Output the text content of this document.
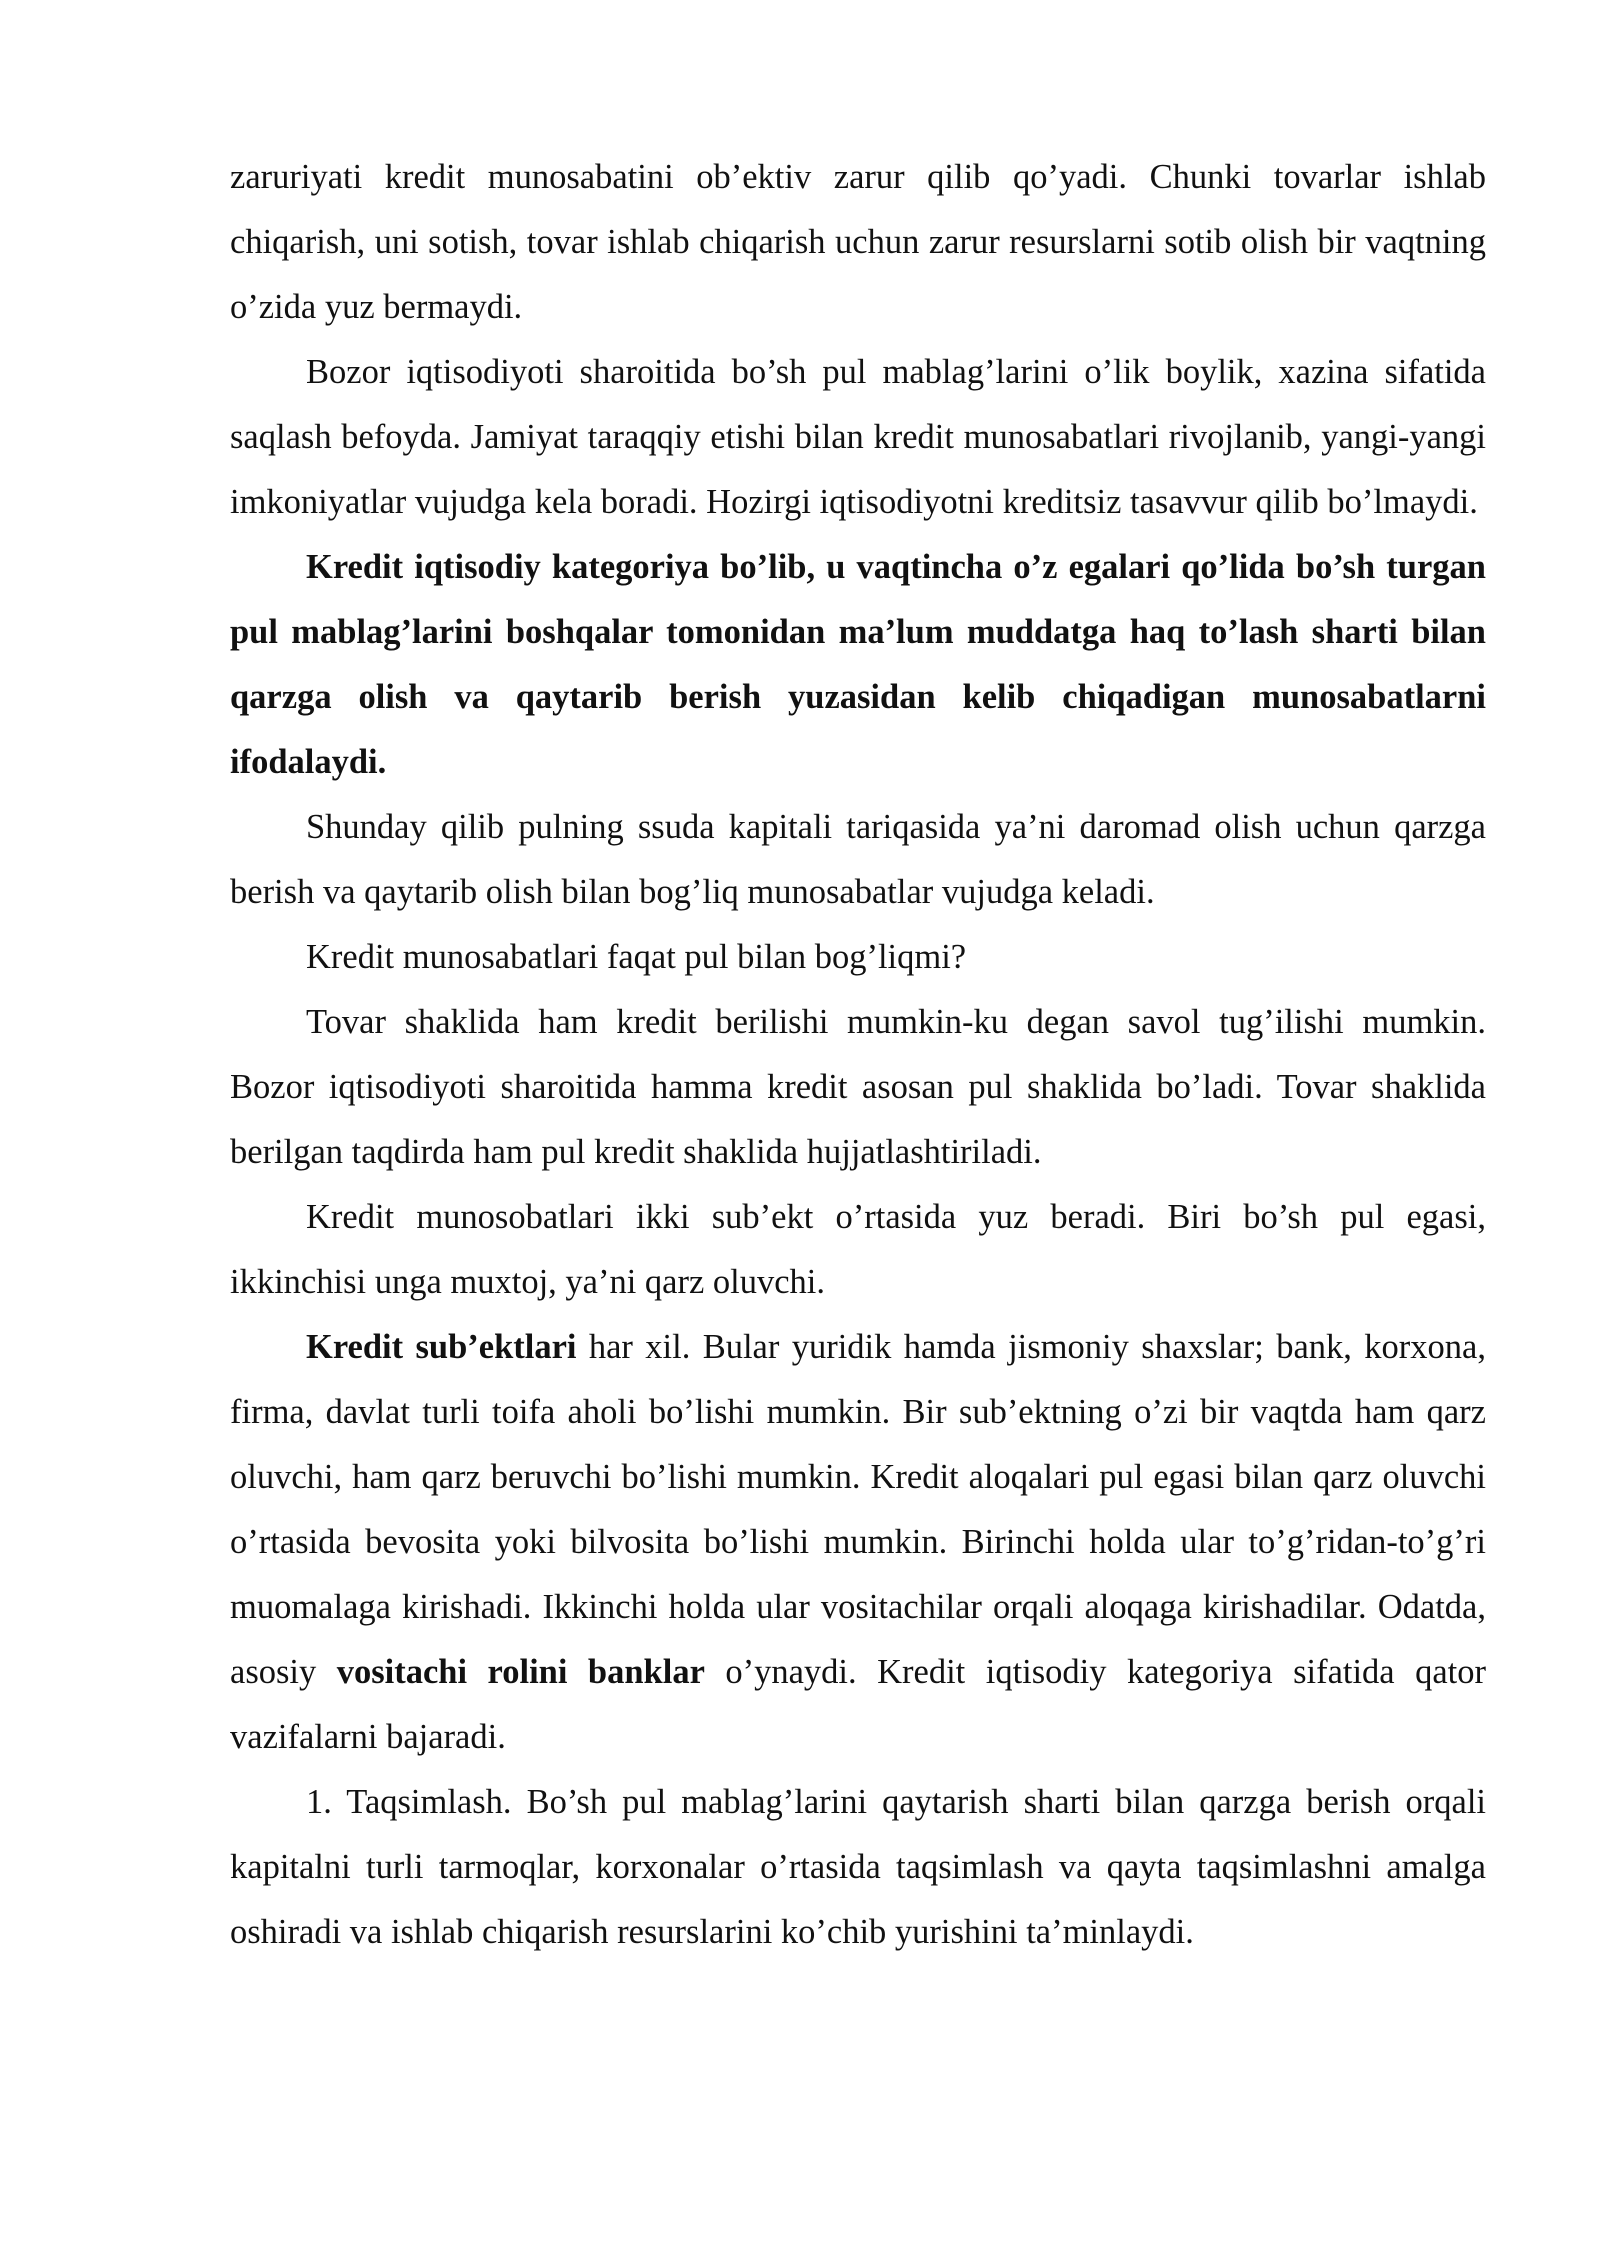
zaruriyati kredit munosabatini ob’ektiv zarur qilib qo’yadi. Chunki tovarlar ishlab chiqarish, uni sotish, tovar ishlab chiqarish uchun zarur resurslarni sotib olish bir vaqtning o’zida yuz bermaydi.

Bozor iqtisodiyoti sharoitida bo’sh pul mablag’larini o’lik boylik, xazina sifatida saqlash befoyda. Jamiyat taraqqiy etishi bilan kredit munosabatlari rivojlanib, yangi-yangi imkoniyatlar vujudga kela boradi. Hozirgi iqtisodiyotni kreditsiz tasavvur qilib bo’lmaydi.

Kredit iqtisodiy kategoriya bo’lib, u vaqtincha o’z egalari qo’lida bo’sh turgan pul mablag’larini boshqalar tomonidan ma’lum muddatga haq to’lash sharti bilan qarzga olish va qaytarib berish yuzasidan kelib chiqadigan munosabatlarni ifodalaydi.

Shunday qilib pulning ssuda kapitali tariqasida ya’ni daromad olish uchun qarzga berish va qaytarib olish bilan bog’liq munosabatlar vujudga keladi.

Kredit munosabatlari faqat pul bilan bog’liqmi?

Tovar shaklida ham kredit berilishi mumkin-ku degan savol tug’ilishi mumkin. Bozor iqtisodiyoti sharoitida hamma kredit asosan pul shaklida bo’ladi. Tovar shaklida berilgan taqdirda ham pul kredit shaklida hujjatlashtiriladi.

Kredit munosobatlari ikki sub’ekt o’rtasida yuz beradi. Biri bo’sh pul egasi, ikkinchisi unga muxtoj, ya’ni qarz oluvchi.

Kredit sub’ektlari har xil. Bular yuridik hamda jismoniy shaxslar; bank, korxona, firma, davlat turli toifa aholi bo’lishi mumkin. Bir sub’ektning o’zi bir vaqtda ham qarz oluvchi, ham qarz beruvchi bo’lishi mumkin. Kredit aloqalari pul egasi bilan qarz oluvchi o’rtasida bevosita yoki bilvosita bo’lishi mumkin. Birinchi holda ular to’g’ridan-to’g’ri muomalaga kirishadi. Ikkinchi holda ular vositachilar orqali aloqaga kirishadilar. Odatda, asosiy vositachi rolini banklar o’ynaydi. Kredit iqtisodiy kategoriya sifatida qator vazifalarni bajaradi.

1. Taqsimlash. Bo’sh pul mablag’larini qaytarish sharti bilan qarzga berish orqali kapitalni turli tarmoqlar, korxonalar o’rtasida taqsimlash va qayta taqsimlashni amalga oshiradi va ishlab chiqarish resurslarini ko’chib yurishini ta’minlaydi.
